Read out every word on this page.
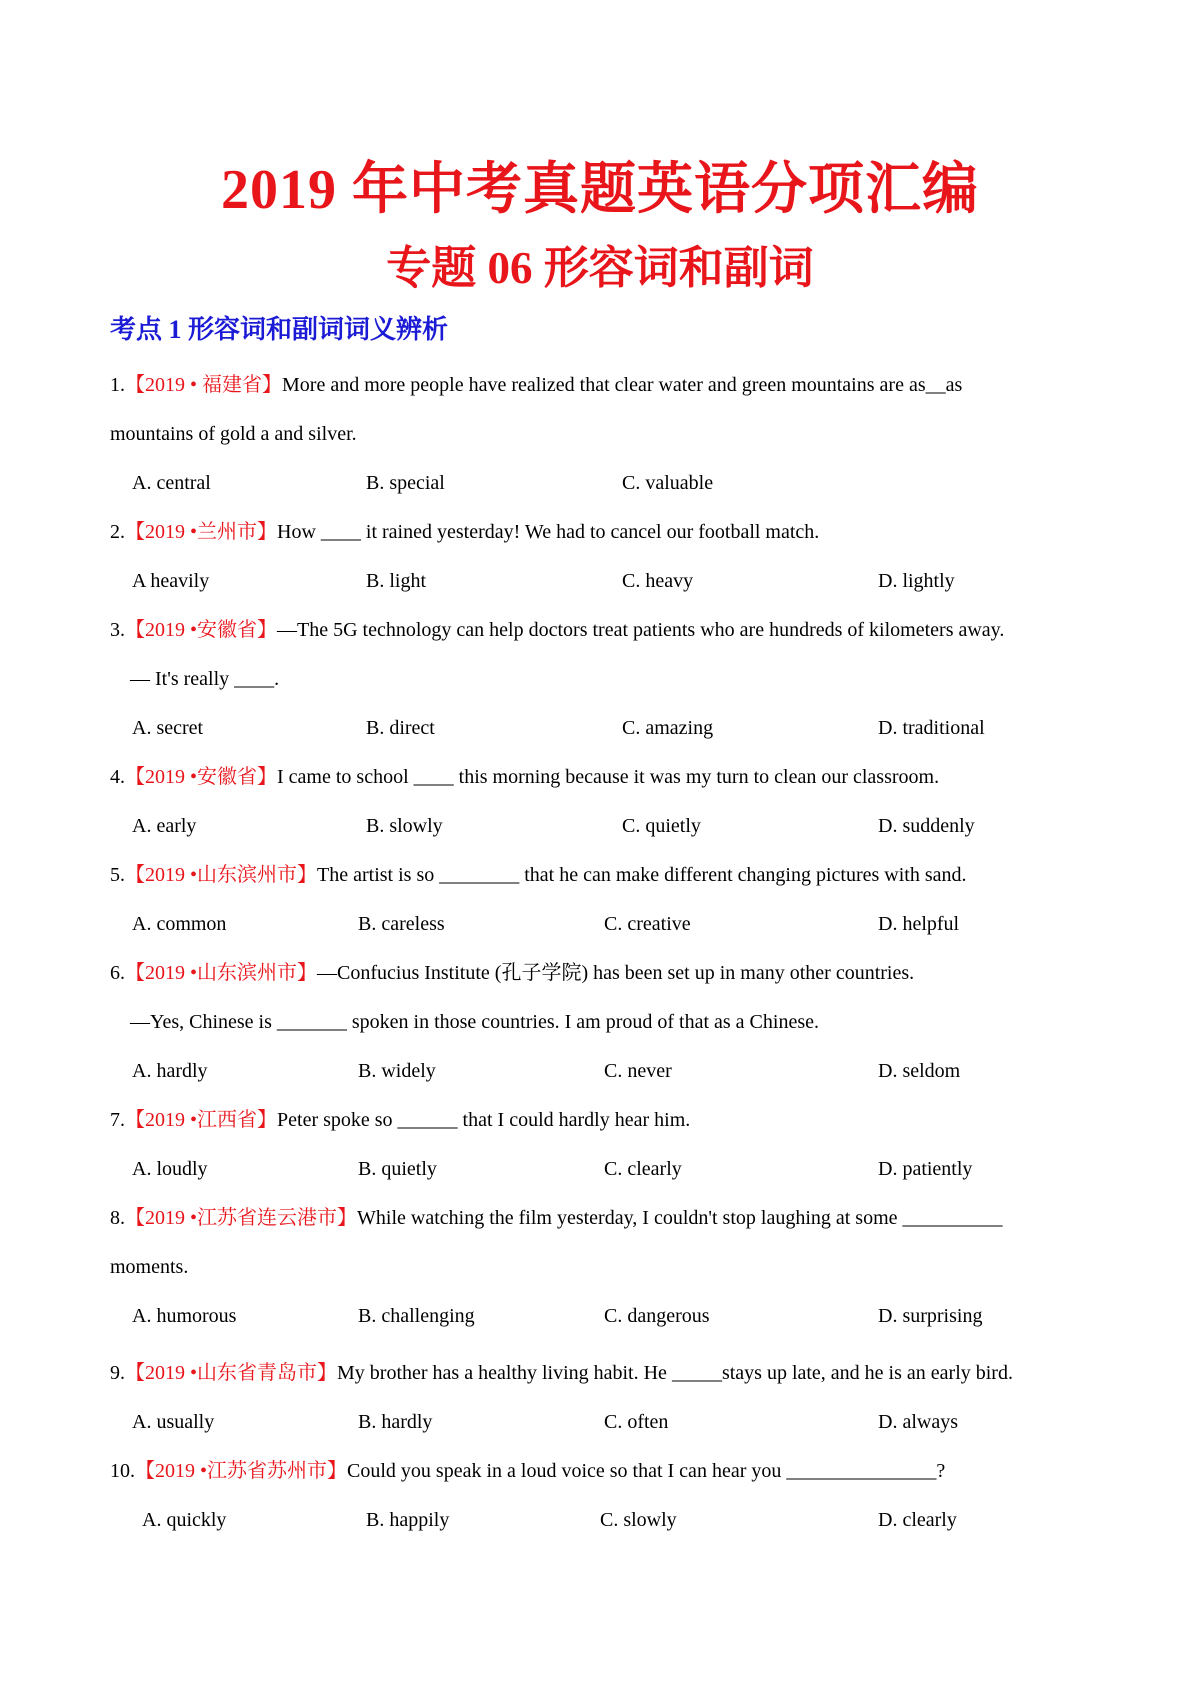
2019 年中考真题英语分项汇编
专题 06 形容词和副词
考点 1 形容词和副词词义辨析
1.【2019 • 福建省】More and more people have realized that clear water and green mountains are as__as
mountains of gold a and silver.
A. central	B. special	C. valuable
2.【2019 •兰州市】How ____ it rained yesterday! We had to cancel our football match.
A heavily	B. light	C. heavy	D. lightly
3.【2019 •安徽省】—The 5G technology can help doctors treat patients who are hundreds of kilometers away.
— It's really ____.
A. secret	B. direct	C. amazing	D. traditional
4.【2019 •安徽省】I came to school ____ this morning because it was my turn to clean our classroom.
A. early	B. slowly	C. quietly	D. suddenly
5.【2019 •山东滨州市】The artist is so ________ that he can make different changing pictures with sand.
A. common	B. careless	C. creative	D. helpful
6.【2019 •山东滨州市】—Confucius Institute (孔子学院) has been set up in many other countries.
—Yes, Chinese is _______ spoken in those countries. I am proud of that as a Chinese.
A. hardly	B. widely	C. never	D. seldom
7.【2019 •江西省】Peter spoke so ______ that I could hardly hear him.
A. loudly	B. quietly	C. clearly	D. patiently
8.【2019 •江苏省连云港市】While watching the film yesterday, I couldn't stop laughing at some __________
moments.
A. humorous	B. challenging	C. dangerous	D. surprising
9.【2019 •山东省青岛市】My brother has a healthy living habit. He _____stays up late, and he is an early bird.
A. usually	B. hardly	C. often	D. always
10.【2019 •江苏省苏州市】Could you speak in a loud voice so that I can hear you _______________?
A. quickly	B. happily	C. slowly	D. clearly
